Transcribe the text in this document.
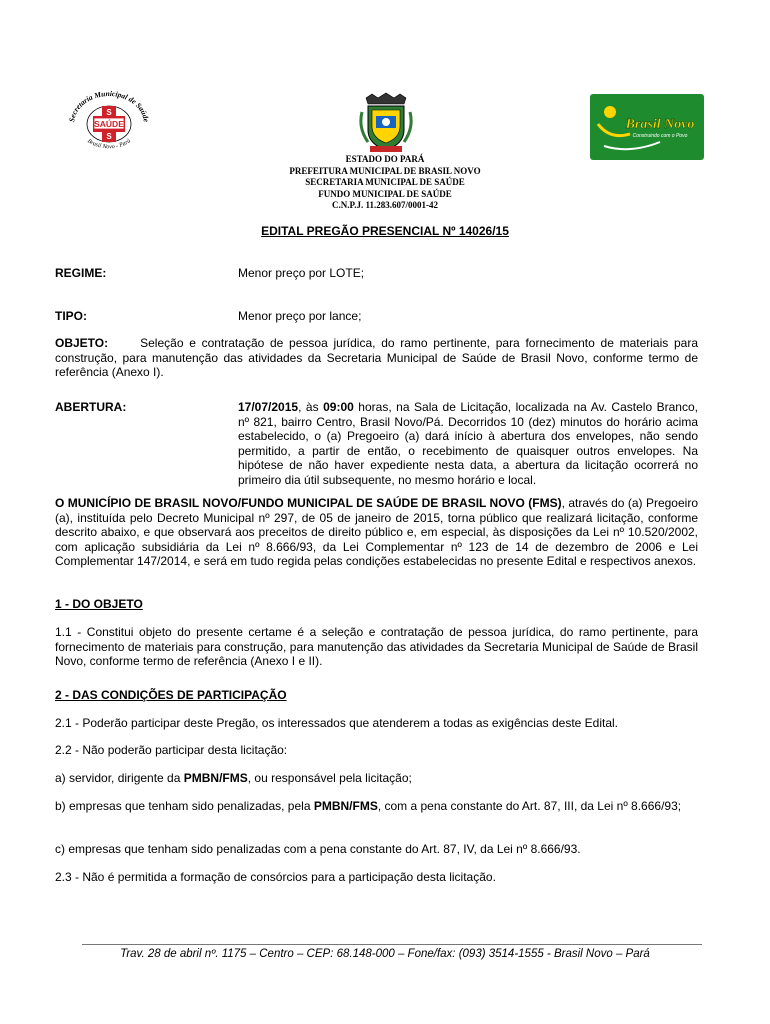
SAÚDE
S
S
Secretaria Municipal de Saúde
Brasil Novo - Pará
Brasil Novo
Construindo com o Povo
ESTADO DO PARÁ
PREFEITURA MUNICIPAL DE BRASIL NOVO
SECRETARIA MUNICIPAL DE SAÚDE
FUNDO MUNICIPAL DE SAÚDE
C.N.P.J. 11.283.607/0001-42
EDITAL PREGÃO PRESENCIAL Nº 14026/15
REGIME:	Menor preço por LOTE;
TIPO:	Menor preço por lance;
OBJETO:	Seleção e contratação de pessoa jurídica, do ramo pertinente, para fornecimento de materiais para construção, para manutenção das atividades da Secretaria Municipal de Saúde de Brasil Novo, conforme termo de referência (Anexo I).
ABERTURA:	17/07/2015, às 09:00 horas, na Sala de Licitação, localizada na Av. Castelo Branco, nº 821, bairro Centro, Brasil Novo/Pá. Decorridos 10 (dez) minutos do horário acima estabelecido, o (a) Pregoeiro (a) dará início à abertura dos envelopes, não sendo permitido, a partir de então, o recebimento de quaisquer outros envelopes. Na hipótese de não haver expediente nesta data, a abertura da licitação ocorrerá no primeiro dia útil subsequente, no mesmo horário e local.
O MUNICÍPIO DE BRASIL NOVO/FUNDO MUNICIPAL DE SAÚDE DE BRASIL NOVO (FMS), através do (a) Pregoeiro (a), instituída pelo Decreto Municipal nº 297, de 05 de janeiro de 2015, torna público que realizará licitação, conforme descrito abaixo, e que observará aos preceitos de direito público e, em especial, às disposições da Lei nº 10.520/2002, com aplicação subsidiária da Lei nº 8.666/93, da Lei Complementar nº 123 de 14 de dezembro de 2006 e Lei Complementar 147/2014, e será em tudo regida pelas condições estabelecidas no presente Edital e respectivos anexos.
1 - DO OBJETO
1.1 - Constitui objeto do presente certame é a seleção e contratação de pessoa jurídica, do ramo pertinente, para fornecimento de materiais para construção, para manutenção das atividades da Secretaria Municipal de Saúde de Brasil Novo, conforme termo de referência (Anexo I e II).
2 - DAS CONDIÇÕES DE PARTICIPAÇÃO
2.1 - Poderão participar deste Pregão, os interessados que atenderem a todas as exigências deste Edital.
2.2 - Não poderão participar desta licitação:
a) servidor, dirigente da PMBN/FMS, ou responsável pela licitação;
b) empresas que tenham sido penalizadas, pela PMBN/FMS, com a pena constante do Art. 87, III, da Lei nº 8.666/93;
c) empresas que tenham sido penalizadas com a pena constante do Art. 87, IV, da Lei nº 8.666/93.
2.3 - Não é permitida a formação de consórcios para a participação desta licitação.
Trav. 28 de abril nº. 1175 – Centro – CEP: 68.148-000 – Fone/fax: (093) 3514-1555 - Brasil Novo – Pará
